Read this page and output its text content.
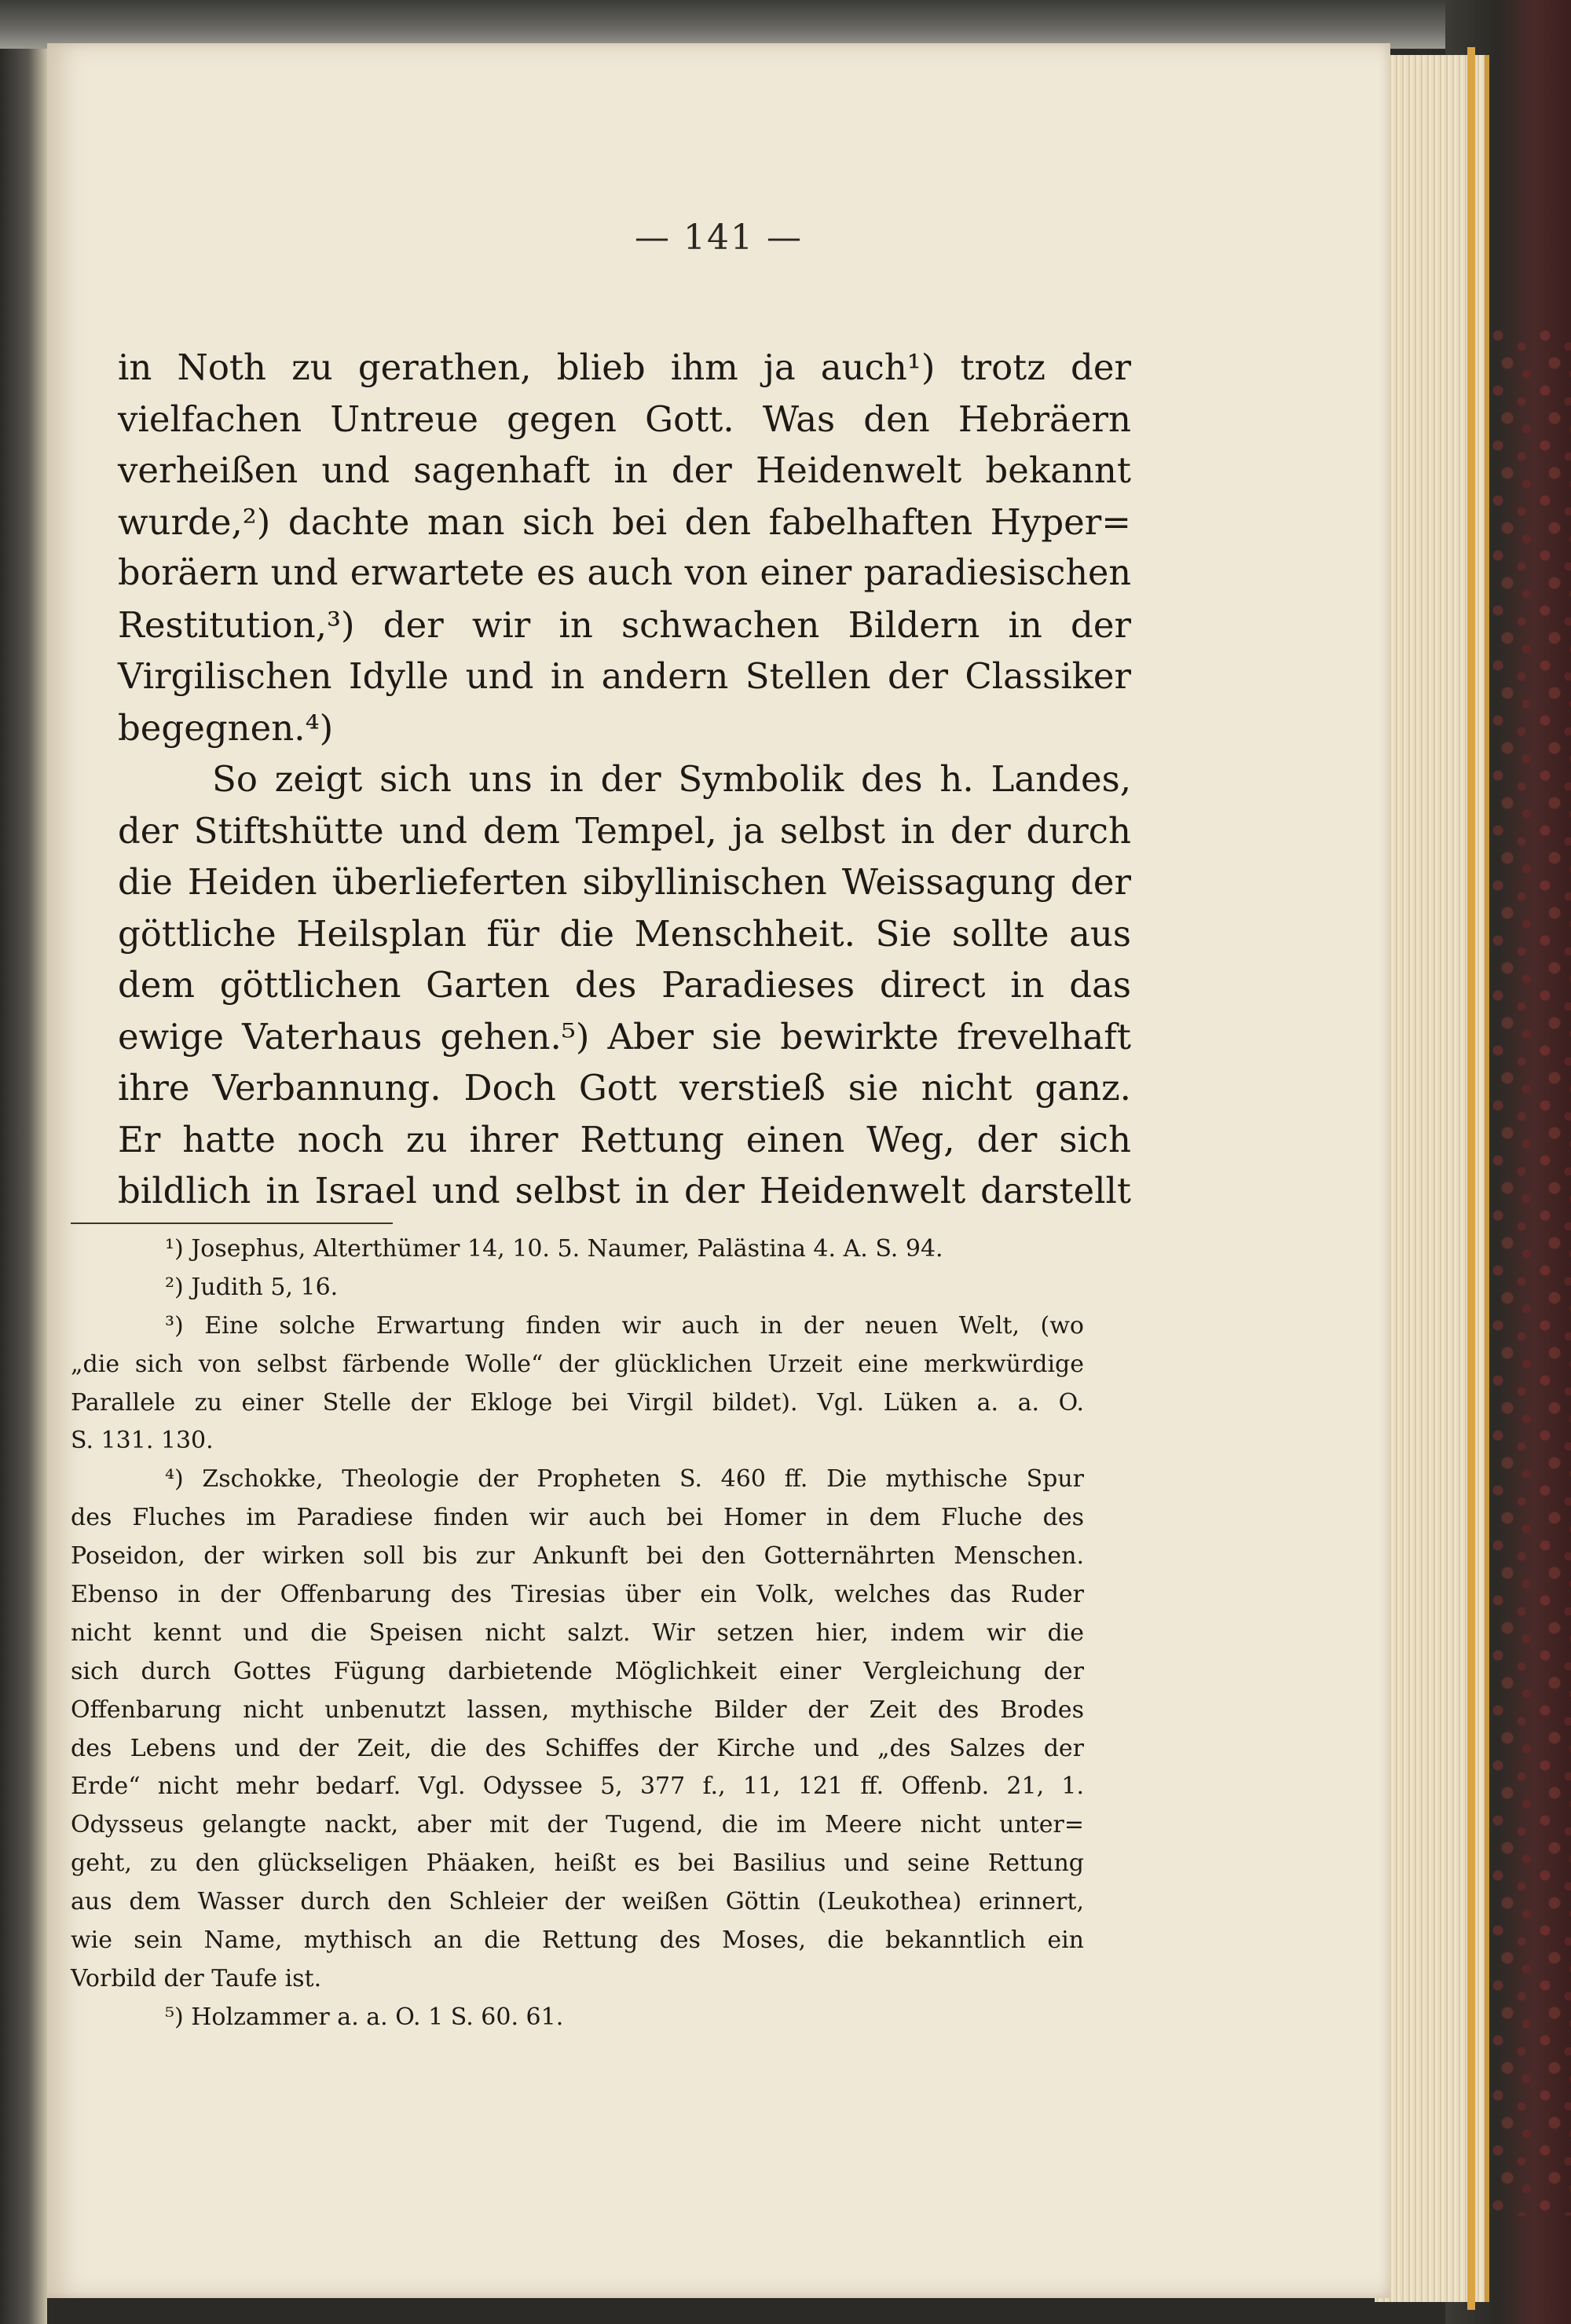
— 141 —
in Noth zu gerathen, blieb ihm ja auch¹) trotz der
vielfachen Untreue gegen Gott. Was den Hebräern
verheißen und sagenhaft in der Heidenwelt bekannt
wurde,²) dachte man sich bei den fabelhaften Hyper=
boräern und erwartete es auch von einer paradiesischen
Restitution,³) der wir in schwachen Bildern in der
Virgilischen Idylle und in andern Stellen der Classiker
begegnen.⁴)
So zeigt sich uns in der Symbolik des h. Landes,
der Stiftshütte und dem Tempel, ja selbst in der durch
die Heiden überlieferten sibyllinischen Weissagung der
göttliche Heilsplan für die Menschheit. Sie sollte aus
dem göttlichen Garten des Paradieses direct in das
ewige Vaterhaus gehen.⁵) Aber sie bewirkte frevelhaft
ihre Verbannung. Doch Gott verstieß sie nicht ganz.
Er hatte noch zu ihrer Rettung einen Weg, der sich
bildlich in Israel und selbst in der Heidenwelt darstellt
¹) Josephus, Alterthümer 14, 10. 5. Naumer, Palästina 4. A. S. 94.
²) Judith 5, 16.
³) Eine solche Erwartung finden wir auch in der neuen Welt, (wo
„die sich von selbst färbende Wolle“ der glücklichen Urzeit eine merkwürdige
Parallele zu einer Stelle der Ekloge bei Virgil bildet). Vgl. Lüken a. a. O.
S. 131. 130.
⁴) Zschokke, Theologie der Propheten S. 460 ff. Die mythische Spur
des Fluches im Paradiese finden wir auch bei Homer in dem Fluche des
Poseidon, der wirken soll bis zur Ankunft bei den Gotternährten Menschen.
Ebenso in der Offenbarung des Tiresias über ein Volk, welches das Ruder
nicht kennt und die Speisen nicht salzt. Wir setzen hier, indem wir die
sich durch Gottes Fügung darbietende Möglichkeit einer Vergleichung der
Offenbarung nicht unbenutzt lassen, mythische Bilder der Zeit des Brodes
des Lebens und der Zeit, die des Schiffes der Kirche und „des Salzes der
Erde“ nicht mehr bedarf. Vgl. Odyssee 5, 377 f., 11, 121 ff. Offenb. 21, 1.
Odysseus gelangte nackt, aber mit der Tugend, die im Meere nicht unter=
geht, zu den glückseligen Phäaken, heißt es bei Basilius und seine Rettung
aus dem Wasser durch den Schleier der weißen Göttin (Leukothea) erinnert,
wie sein Name, mythisch an die Rettung des Moses, die bekanntlich ein
Vorbild der Taufe ist.
⁵) Holzammer a. a. O. 1 S. 60. 61.
